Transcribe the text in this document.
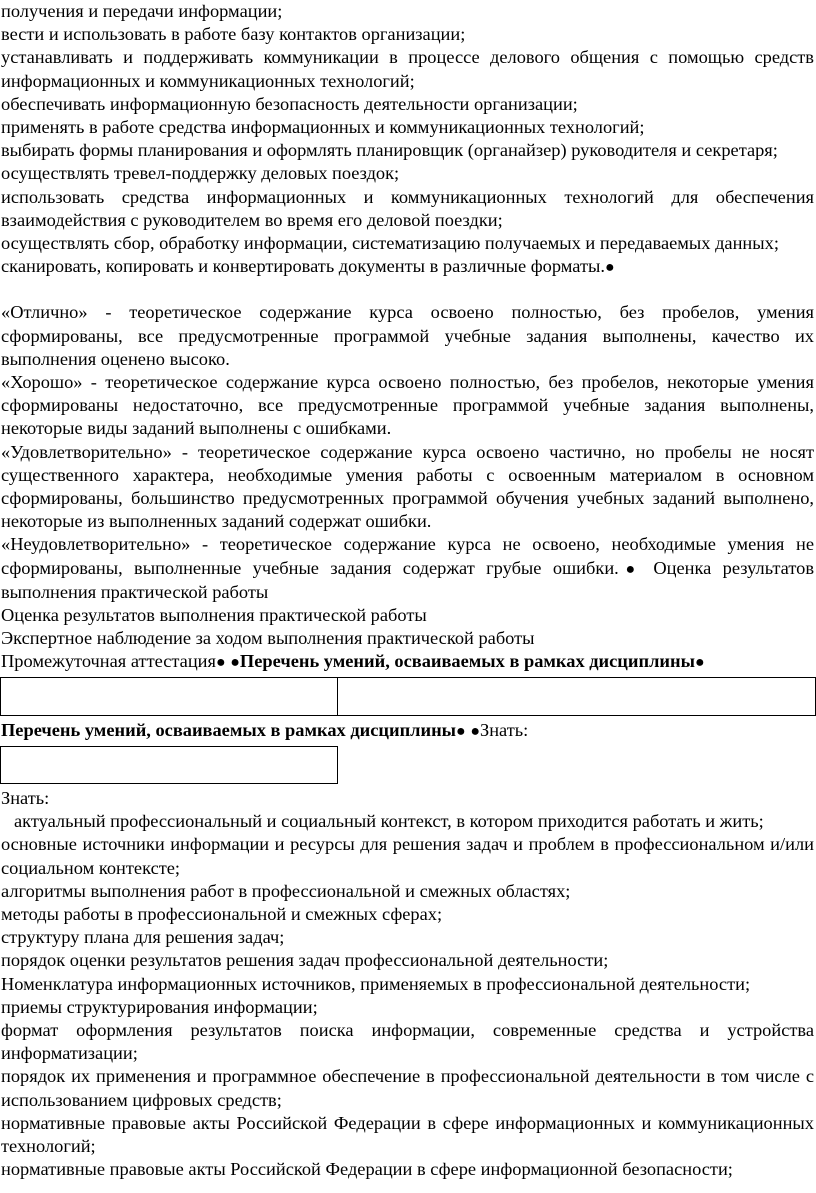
получения и передачи информации;

вести и использовать в работе базу контактов организации;

устанавливать и поддерживать коммуникации в процессе делового общения с помощью средств информационных и коммуникационных технологий;

обеспечивать информационную безопасность деятельности организации;

применять в работе средства информационных и коммуникационных технологий;

выбирать формы планирования и оформлять планировщик (органайзер) руководителя и секретаря;

осуществлять тревел-поддержку деловых поездок;

использовать средства информационных и коммуникационных технологий для обеспечения взаимодействия с руководителем во время его деловой поездки;

осуществлять сбор, обработку информации, систематизацию получаемых и передаваемых данных;

сканировать, копировать и конвертировать документы в различные форматы.●

«Отлично» - теоретическое содержание курса освоено полностью, без пробелов, умения сформированы, все предусмотренные программой учебные задания выполнены, качество их выполнения оценено высоко.

«Хорошо» - теоретическое содержание курса освоено полностью, без пробелов, некоторые умения сформированы недостаточно, все предусмотренные программой учебные задания выполнены, некоторые виды заданий выполнены с ошибками.

«Удовлетворительно» - теоретическое содержание курса освоено частично, но пробелы не носят существенного характера, необходимые умения работы с освоенным материалом в основном сформированы, большинство предусмотренных программой обучения учебных заданий выполнено, некоторые из выполненных заданий содержат ошибки.

«Неудовлетворительно» - теоретическое содержание курса не освоено, необходимые умения не сформированы, выполненные учебные задания содержат грубые ошибки.● Оценка результатов выполнения практической работы

Оценка результатов выполнения практической работы

Экспертное наблюдение за ходом выполнения практической работы

Промежуточная аттестация● ●Перечень умений, осваиваемых в рамках дисциплины●

Перечень умений, осваиваемых в рамках дисциплины● ●Знать:

Знать:

актуальный профессиональный и социальный контекст, в котором приходится работать и жить;

основные источники информации и ресурсы для решения задач и проблем в профессиональном и/или социальном контексте;

алгоритмы выполнения работ в профессиональной и смежных областях;

методы работы в профессиональной и смежных сферах;

структуру плана для решения задач;

порядок оценки результатов решения задач профессиональной деятельности;

Номенклатура информационных источников, применяемых в профессиональной деятельности;

приемы структурирования информации;

формат оформления результатов поиска информации, современные средства и устройства информатизации;

порядок их применения и программное обеспечение в профессиональной деятельности в том числе с использованием цифровых средств;

нормативные правовые акты Российской Федерации в сфере информационных и коммуникационных технологий;

нормативные правовые акты Российской Федерации в сфере информационной безопасности;
